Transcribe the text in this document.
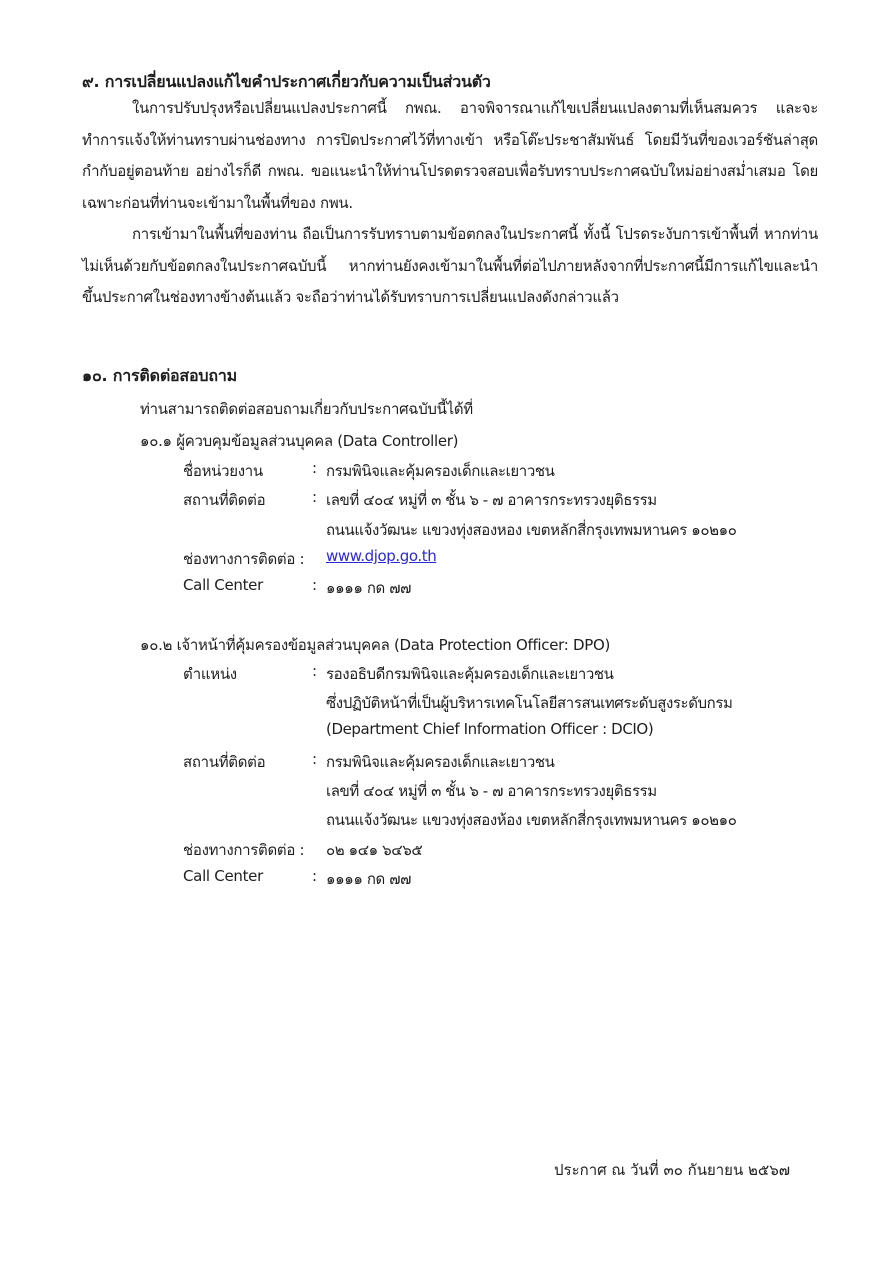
๙. การเปลี่ยนแปลงแก้ไขคำประกาศเกี่ยวกับความเป็นส่วนตัว
ในการปรับปรุงหรือเปลี่ยนแปลงประกาศนี้ กพณ. อาจพิจารณาแก้ไขเปลี่ยนแปลงตามที่เห็นสมควร และจะทำการแจ้งให้ท่านทราบผ่านช่องทาง การปิดประกาศไว้ที่ทางเข้า หรือโต๊ะประชาสัมพันธ์ โดยมีวันที่ของเวอร์ชันล่าสุดกำกับอยู่ตอนท้าย อย่างไรก็ดี กพณ. ขอแนะนำให้ท่านโปรดตรวจสอบเพื่อรับทราบประกาศฉบับใหม่อย่างสม่ำเสมอ โดยเฉพาะก่อนที่ท่านจะเข้ามาในพื้นที่ของ กพน.
การเข้ามาในพื้นที่ของท่าน ถือเป็นการรับทราบตามข้อตกลงในประกาศนี้ ทั้งนี้ โปรดระงับการเข้าพื้นที่ หากท่านไม่เห็นด้วยกับข้อตกลงในประกาศฉบับนี้ หากท่านยังคงเข้ามาในพื้นที่ต่อไปภายหลังจากที่ประกาศนี้มีการแก้ไขและนำขึ้นประกาศในช่องทางข้างต้นแล้ว จะถือว่าท่านได้รับทราบการเปลี่ยนแปลงดังกล่าวแล้ว
๑๐. การติดต่อสอบถาม
ท่านสามารถติดต่อสอบถามเกี่ยวกับประกาศฉบับนี้ได้ที่
๑๐.๑ ผู้ควบคุมข้อมูลส่วนบุคคล (Data Controller)
ชื่อหน่วยงาน	: กรมพินิจและคุ้มครองเด็กและเยาวชน
สถานที่ติดต่อ	: เลขที่ ๔๐๔ หมู่ที่ ๓ ชั้น ๖ - ๗ อาคารกระทรวงยุติธรรม
ถนนแจ้งวัฒนะ แขวงทุ่งสองหอง เขตหลักสี่กรุงเทพมหานคร ๑๐๒๑๐
ช่องทางการติดต่อ : www.djop.go.th
Call Center	: ๑๑๑๑ กด ๗๗
๑๐.๒ เจ้าหน้าที่คุ้มครองข้อมูลส่วนบุคคล (Data Protection Officer: DPO)
ตำแหน่ง	: รองอธิบดีกรมพินิจและคุ้มครองเด็กและเยาวชน
ซึ่งปฏิบัติหน้าที่เป็นผู้บริหารเทคโนโลยีสารสนเทศระดับสูงระดับกรม
(Department Chief Information Officer : DCIO)
สถานที่ติดต่อ	: กรมพินิจและคุ้มครองเด็กและเยาวชน
เลขที่ ๔๐๔ หมู่ที่ ๓ ชั้น ๖ - ๗ อาคารกระทรวงยุติธรรม
ถนนแจ้งวัฒนะ แขวงทุ่งสองห้อง เขตหลักสี่กรุงเทพมหานคร ๑๐๒๑๐
ช่องทางการติดต่อ : ๐๒ ๑๔๑ ๖๔๖๕
Call Center	: ๑๑๑๑ กด ๗๗
ประกาศ ณ วันที่ ๓๐ กันยายน ๒๕๖๗
